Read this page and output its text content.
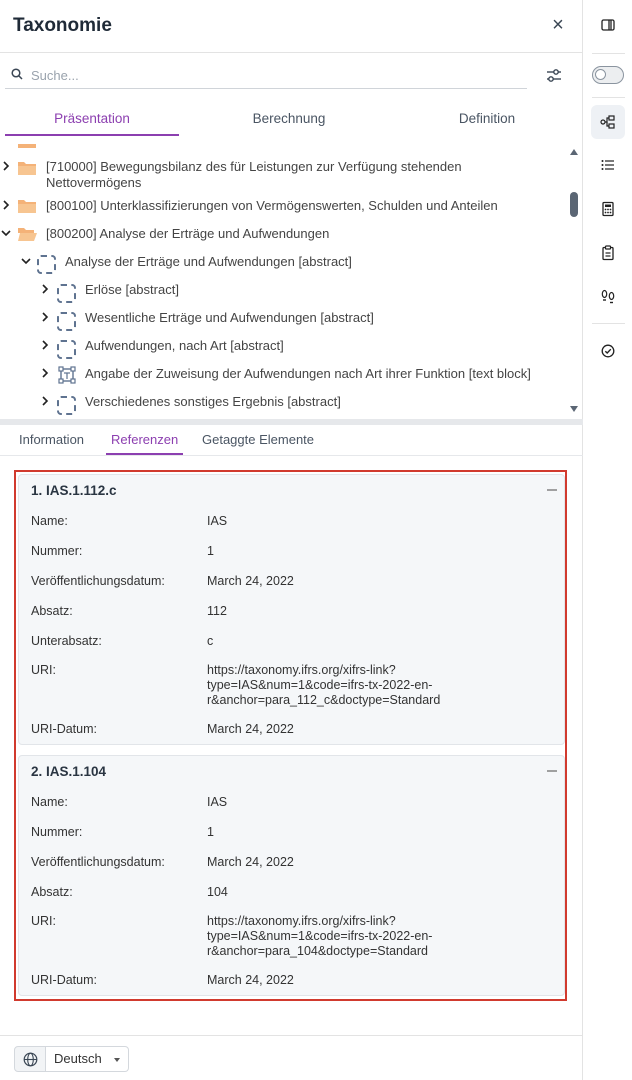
Taxonomie	×
Suche...
Präsentation	Berechnung	Definition
[710000] Bewegungsbilanz des für Leistungen zur Verfügung stehenden
Nettovermögens
[800100] Unterklassifizierungen von Vermögenswerten, Schulden und Anteilen
[800200] Analyse der Erträge und Aufwendungen
Analyse der Erträge und Aufwendungen [abstract]
Erlöse [abstract]
Wesentliche Erträge und Aufwendungen [abstract]
Aufwendungen, nach Art [abstract]
Angabe der Zuweisung der Aufwendungen nach Art ihrer Funktion [text block]
Verschiedenes sonstiges Ergebnis [abstract]
Information	Referenzen	Getaggte Elemente
1. IAS.1.112.c
Name:	IAS
Nummer:	1
Veröffentlichungsdatum:	March 24, 2022
Absatz:	112
Unterabsatz:	c
URI:	https://taxonomy.ifrs.org/xifrs-link?
type=IAS&num=1&code=ifrs-tx-2022-en-
r&anchor=para_112_c&doctype=Standard
URI-Datum:	March 24, 2022
2. IAS.1.104
Name:	IAS
Nummer:	1
Veröffentlichungsdatum:	March 24, 2022
Absatz:	104
URI:	https://taxonomy.ifrs.org/xifrs-link?
type=IAS&num=1&code=ifrs-tx-2022-en-
r&anchor=para_104&doctype=Standard
URI-Datum:	March 24, 2022
Deutsch
